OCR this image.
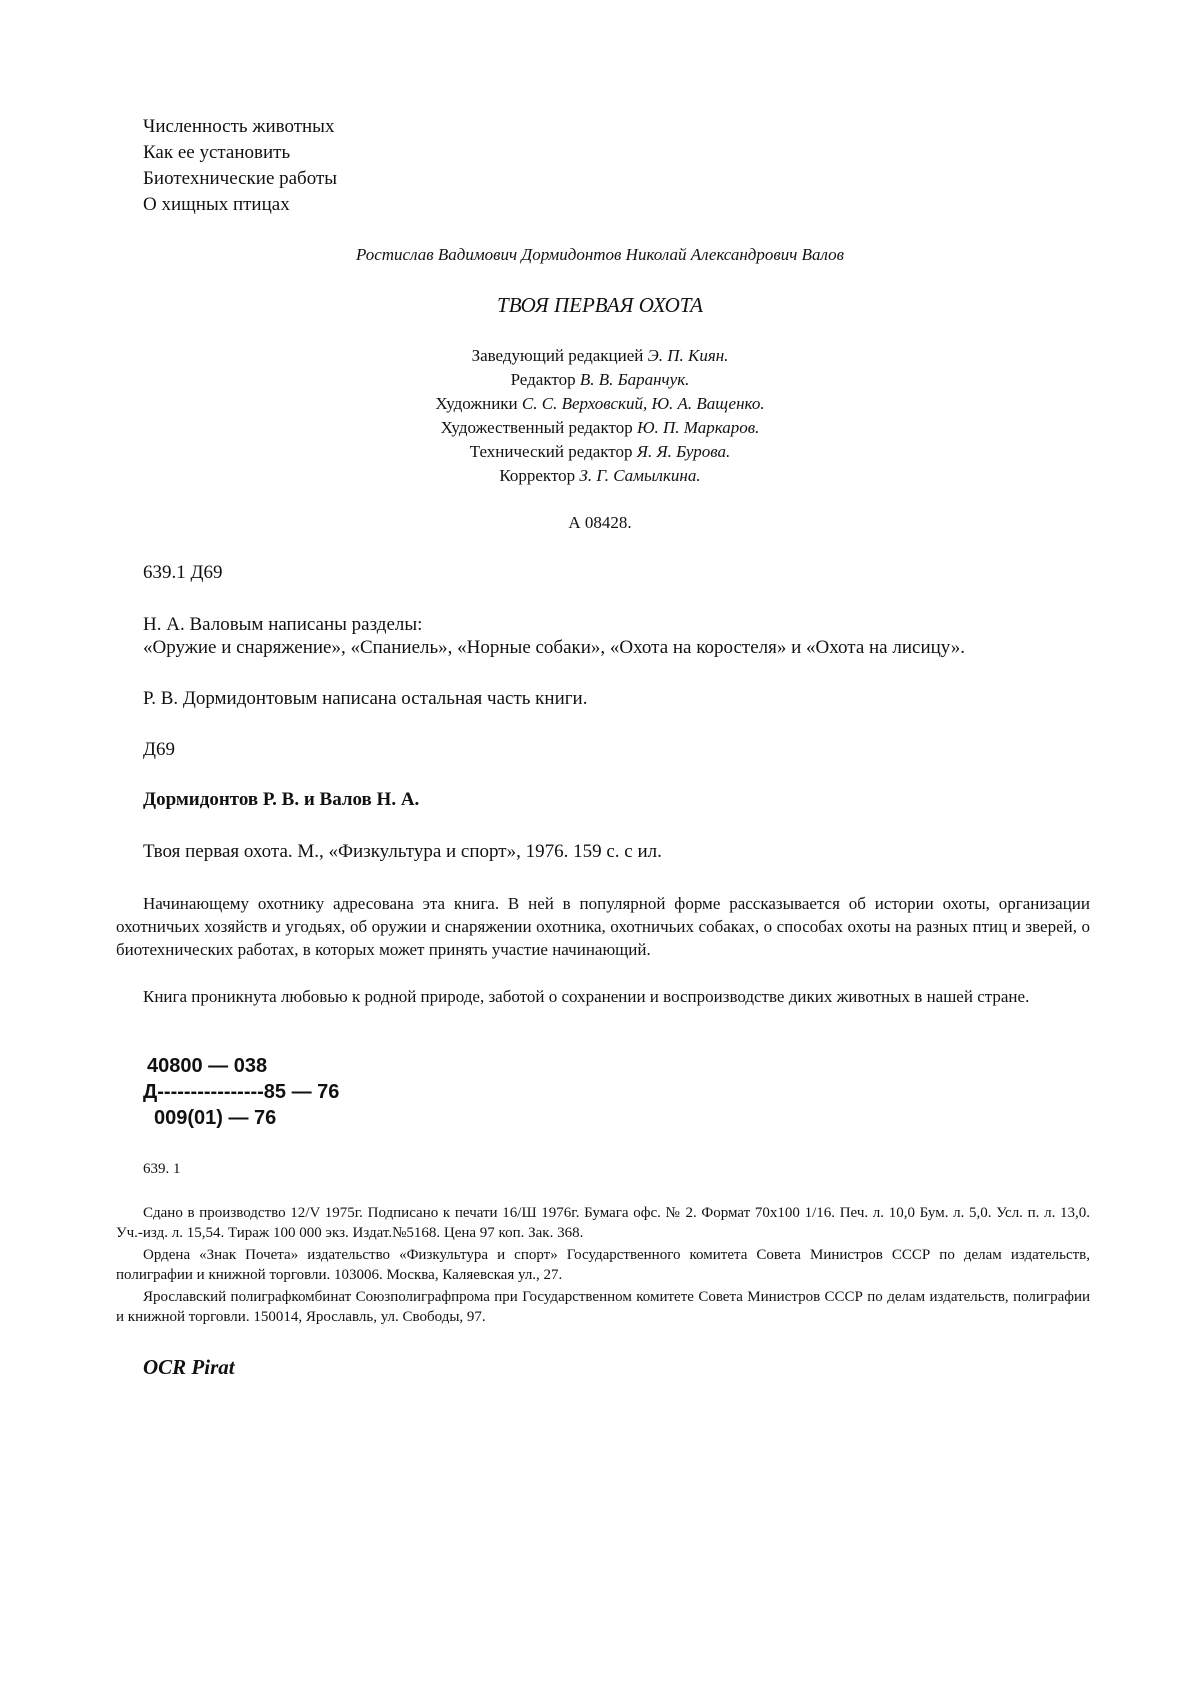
Численность животных
Как ее установить
Биотехнические работы
О хищных птицах
Ростислав Вадимович Дормидонтов Николай Александрович Валов
ТВОЯ ПЕРВАЯ ОХОТА
Заведующий редакцией Э. П. Киян.
Редактор В. В. Баранчук.
Художники С. С. Верховский, Ю. А. Ващенко.
Художественный редактор Ю. П. Маркаров.
Технический редактор Я. Я. Бурова.
Корректор З. Г. Самылкина.
А 08428.
639.1 Д69
Н. А. Валовым написаны разделы:
«Оружие и снаряжение», «Спаниель», «Норные собаки», «Охота на коростеля» и «Охота на лисицу».
Р. В. Дормидонтовым написана остальная часть книги.
Д69
Дормидонтов Р. В. и Валов Н. А.
Твоя первая охота. М., «Физкультура и спорт», 1976. 159 с. с ил.
Начинающему охотнику адресована эта книга. В ней в популярной форме рассказывается об истории охоты, организации охотничьих хозяйств и угодьях, об оружии и снаряжении охотника, охотничьих собаках, о способах охоты на разных птиц и зверей, о биотехнических работах, в которых может принять участие начинающий.
Книга проникнута любовью к родной природе, заботой о сохранении и воспроизводстве диких животных в нашей стране.
40800 — 038
Д----------------85 — 76
009(01) — 76
639. 1
Сдано в производство 12/V 1975г. Подписано к печати 16/Ш 1976г. Бумага офс. № 2. Формат 70x100 1/16. Печ. л. 10,0 Бум. л. 5,0. Усл. п. л. 13,0. Уч.-изд. л. 15,54. Тираж 100 000 экз. Издат.№5168. Цена 97 коп. Зак. 368.
Ордена «Знак Почета» издательство «Физкультура и спорт» Государственного комитета Совета Министров СССР по делам издательств, полиграфии и книжной торговли. 103006. Москва, Каляевская ул., 27.
Ярославский полиграфкомбинат Союзполиграфпрома при Государственном комитете Совета Министров СССР по делам издательств, полиграфии и книжной торговли. 150014, Ярославль, ул. Свободы, 97.
OCR Pirat
